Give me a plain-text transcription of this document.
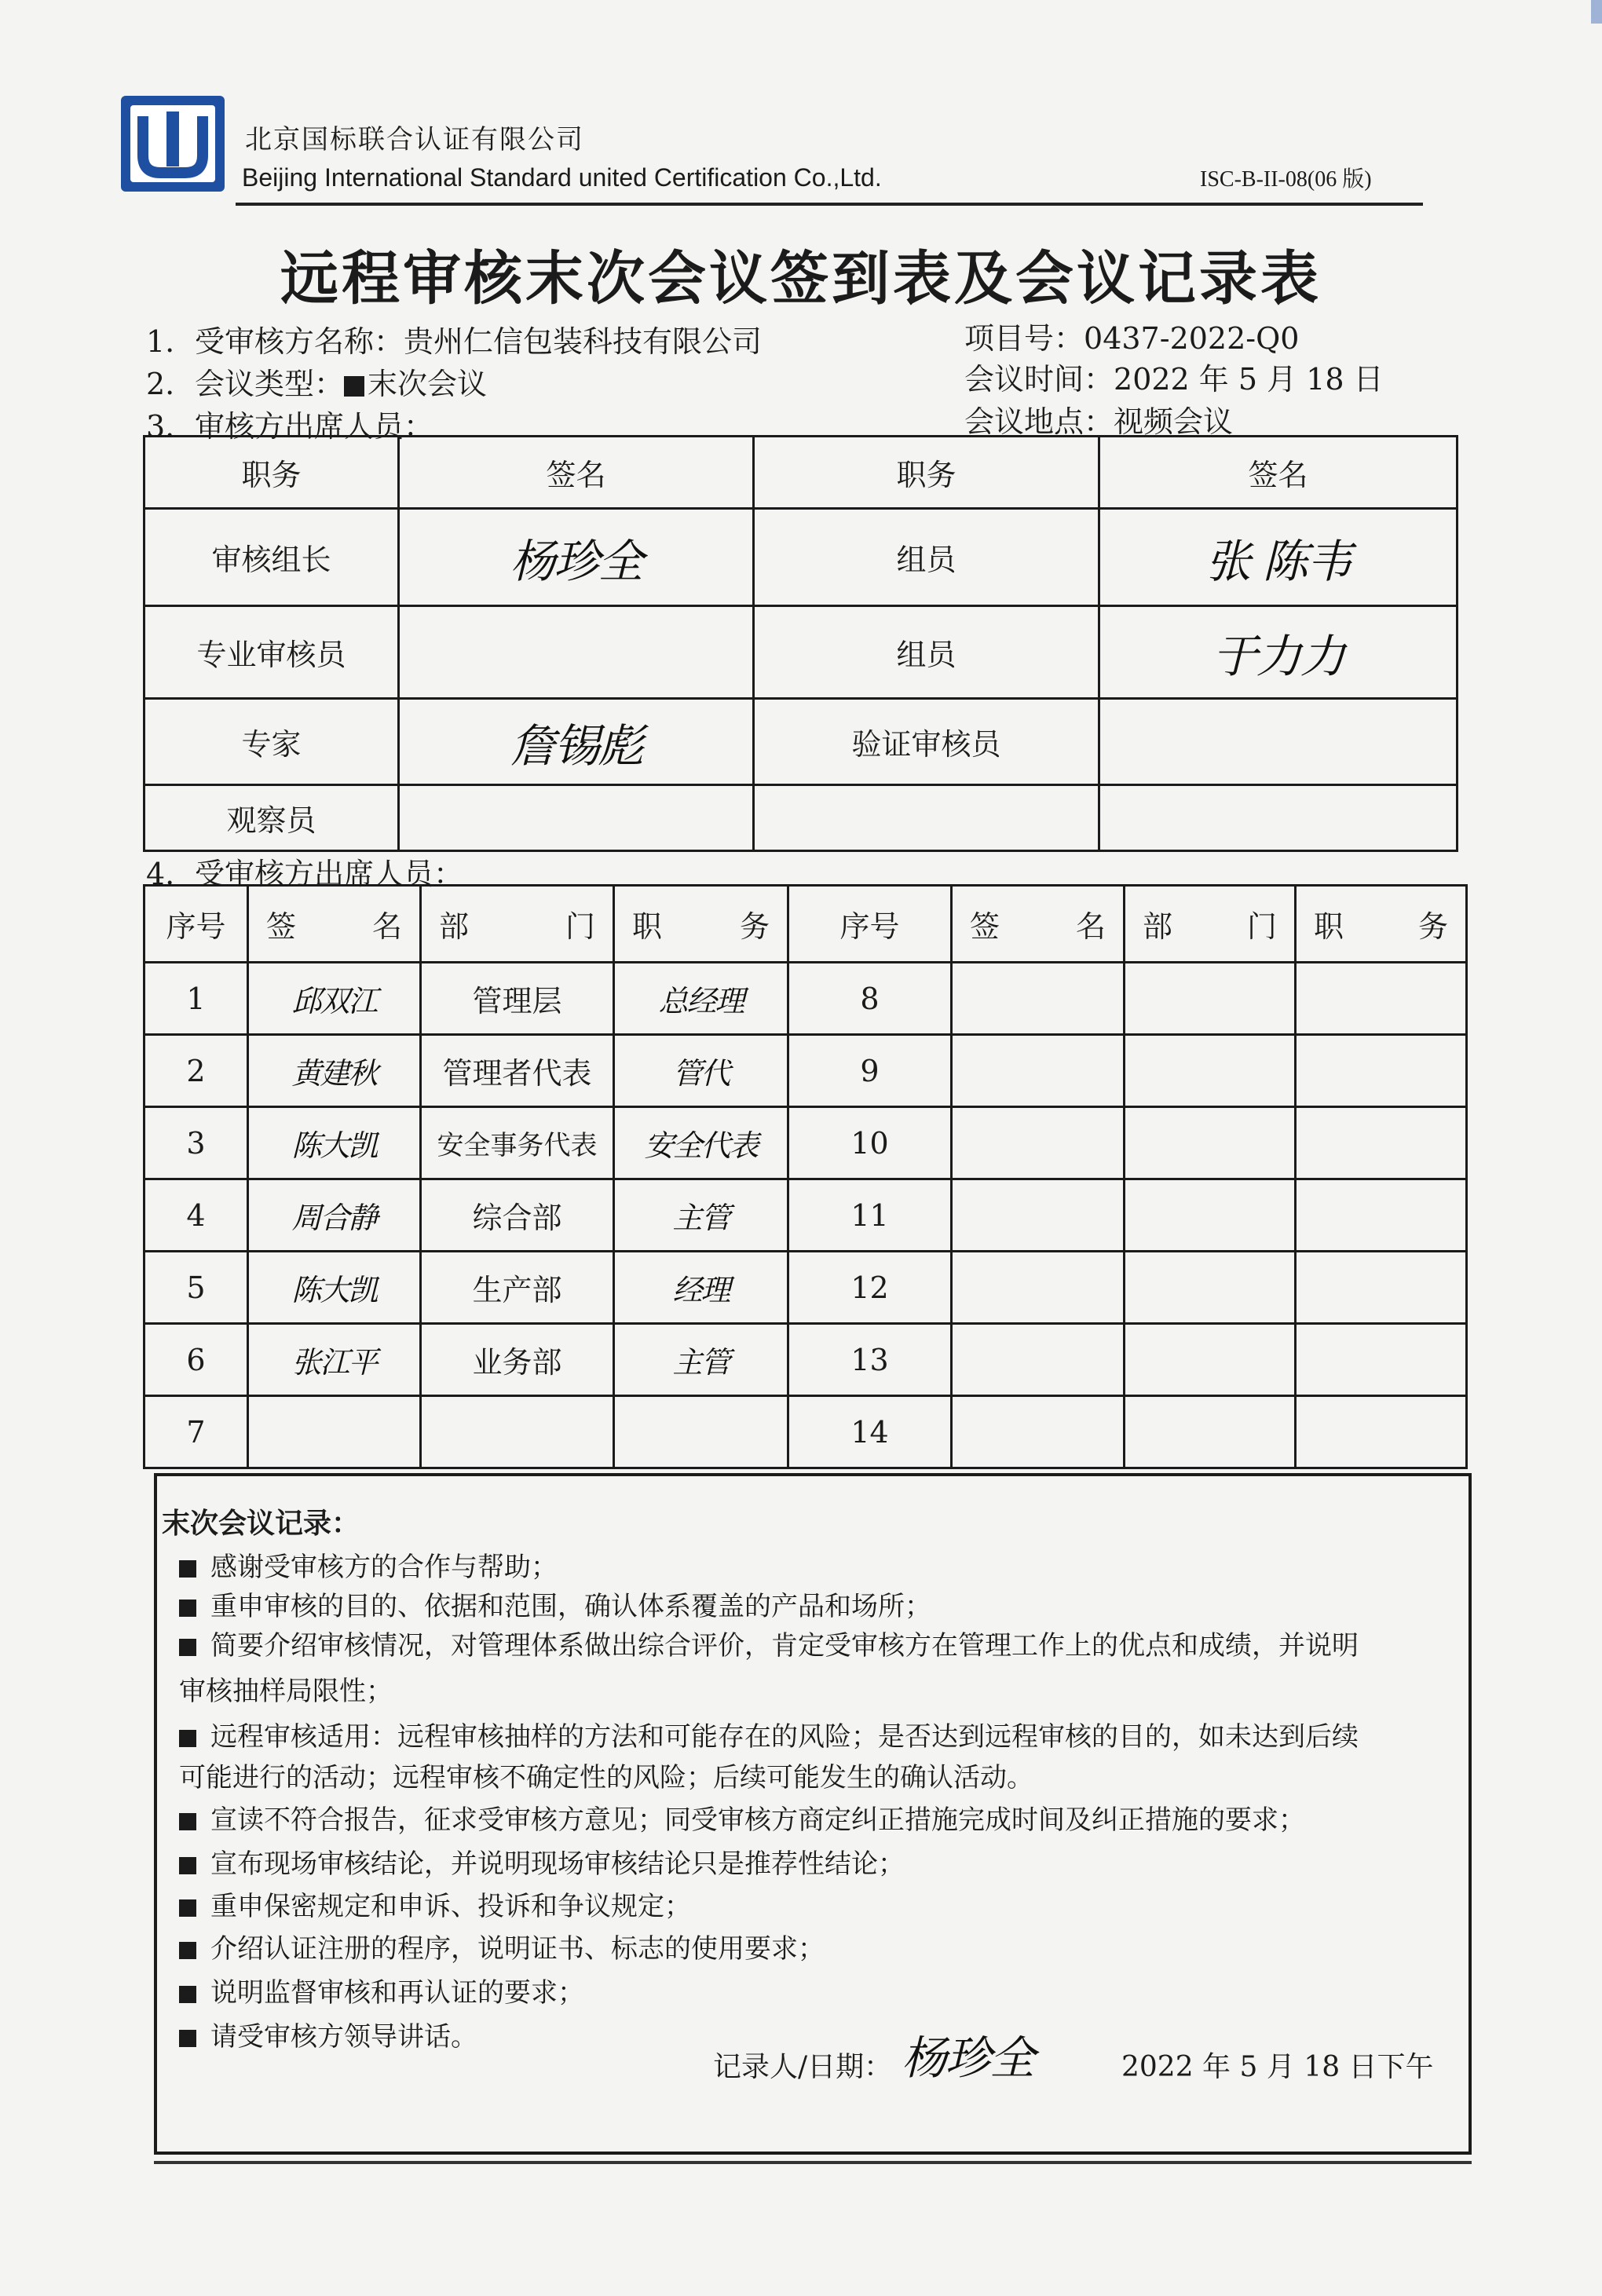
北京国标联合认证有限公司
Beijing International Standard united Certification Co.,Ltd.	ISC-B-II-08(06 版)
远程审核末次会议签到表及会议记录表
1. 受审核方名称：贵州仁信包装科技有限公司	项目号：0437-2022-Q0
2. 会议类型： 末次会议	会议时间：2022 年 5 月 18 日
3. 审核方出席人员：	会议地点：视频会议
职务	签名	职务	签名
审核组长	杨珍全	组员	张 陈韦
专业审核员		组员	于力力
专家	詹锡彪	验证审核员	
观察员			
4. 受审核方出席人员：
序号	签 名	部 门	职 务	序号	签 名	部 门	职 务

1	邱双江	管理层	总经理	8			
2	黄建秋	管理者代表	管代	9			
3	陈大凯	安全事务代表	安全代表	10			
4	周合静	综合部	主管	11			
5	陈大凯	生产部	经理	12			
6	张江平	业务部	主管	13			
7				14			
末次会议记录：
感谢受审核方的合作与帮助；
重申审核的目的、依据和范围，确认体系覆盖的产品和场所；
简要介绍审核情况，对管理体系做出综合评价，肯定受审核方在管理工作上的优点和成绩，并说明
审核抽样局限性；
远程审核适用：远程审核抽样的方法和可能存在的风险；是否达到远程审核的目的，如未达到后续
可能进行的活动；远程审核不确定性的风险；后续可能发生的确认活动。
宣读不符合报告，征求受审核方意见；同受审核方商定纠正措施完成时间及纠正措施的要求；
宣布现场审核结论，并说明现场审核结论只是推荐性结论；
重申保密规定和申诉、投诉和争议规定；
介绍认证注册的程序，说明证书、标志的使用要求；
说明监督审核和再认证的要求；
请受审核方领导讲话。
记录人/日期： 杨珍全	2022 年 5 月 18 日下午
